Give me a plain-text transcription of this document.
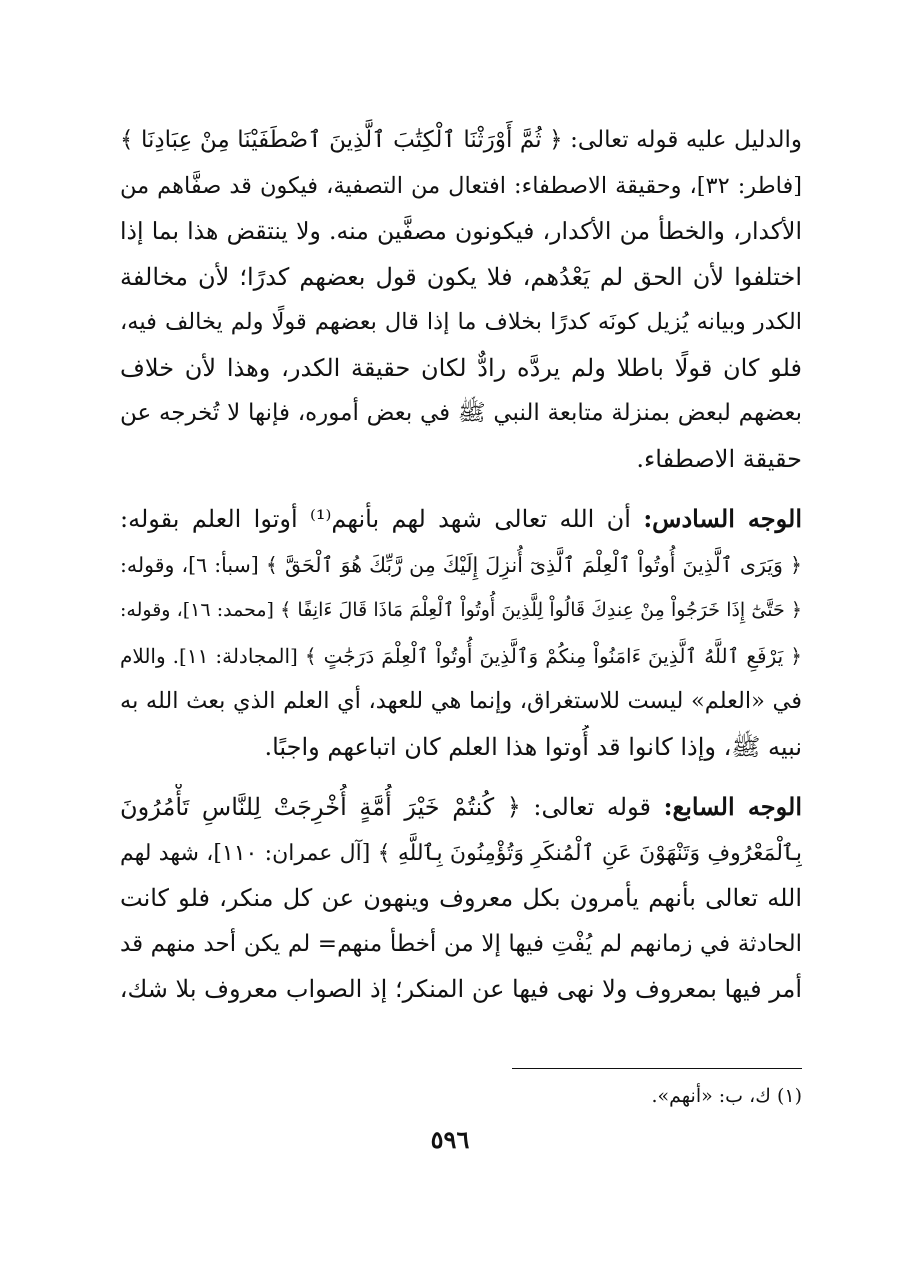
والدليل عليه قوله تعالى: ﴿ ثُمَّ أَوْرَثْنَا ٱلْكِتَٰبَ ٱلَّذِينَ ٱصْطَفَيْنَا مِنْ عِبَادِنَا ﴾
[فاطر: ٣٢]، وحقيقة الاصطفاء: افتعال من التصفية، فيكون قد صفَّاهم من
الأكدار، والخطأ من الأكدار، فيكونون مصفَّين منه. ولا ينتقض هذا بما إذا
اختلفوا لأن الحق لم يَعْدُهم، فلا يكون قول بعضهم كدرًا؛ لأن مخالفة
الكدر وبيانه يُزيل كونَه كدرًا بخلاف ما إذا قال بعضهم قولًا ولم يخالف فيه،
فلو كان قولًا باطلا ولم يردَّه رادٌّ لكان حقيقة الكدر، وهذا لأن خلاف
بعضهم لبعض بمنزلة متابعة النبي ﷺ في بعض أموره، فإنها لا تُخرجه عن
حقيقة الاصطفاء.
الوجه السادس: أن الله تعالى شهد لهم بأنهم⁽¹⁾ أوتوا العلم بقوله:
﴿ وَيَرَى ٱلَّذِينَ أُوتُواْ ٱلْعِلْمَ ٱلَّذِىٓ أُنزِلَ إِلَيْكَ مِن رَّبِّكَ هُوَ ٱلْحَقَّ ﴾ [سبأ: ٦]، وقوله:
﴿ حَتَّىٰٓ إِذَا خَرَجُواْ مِنْ عِندِكَ قَالُواْ لِلَّذِينَ أُوتُواْ ٱلْعِلْمَ مَاذَا قَالَ ءَانِفًا ﴾ [محمد: ١٦]، وقوله:
﴿ يَرْفَعِ ٱللَّهُ ٱلَّذِينَ ءَامَنُواْ مِنكُمْ وَٱلَّذِينَ أُوتُواْ ٱلْعِلْمَ دَرَجَٰتٍ ﴾ [المجادلة: ١١]. واللام
في «العلم» ليست للاستغراق، وإنما هي للعهد، أي العلم الذي بعث الله به
نبيه ﷺ، وإذا كانوا قد أُوتوا هذا العلم كان اتباعهم واجبًا.
الوجه السابع: قوله تعالى: ﴿ كُنتُمْ خَيْرَ أُمَّةٍ أُخْرِجَتْ لِلنَّاسِ تَأْمُرُونَ
بِٱلْمَعْرُوفِ وَتَنْهَوْنَ عَنِ ٱلْمُنكَرِ وَتُؤْمِنُونَ بِٱللَّهِ ﴾ [آل عمران: ١١٠]، شهد لهم
الله تعالى بأنهم يأمرون بكل معروف وينهون عن كل منكر، فلو كانت
الحادثة في زمانهم لم يُفْتِ فيها إلا من أخطأ منهم= لم يكن أحد منهم قد
أمر فيها بمعروف ولا نهى فيها عن المنكر؛ إذ الصواب معروف بلا شك،
(١) ك، ب: «أنهم».
٥٩٦
